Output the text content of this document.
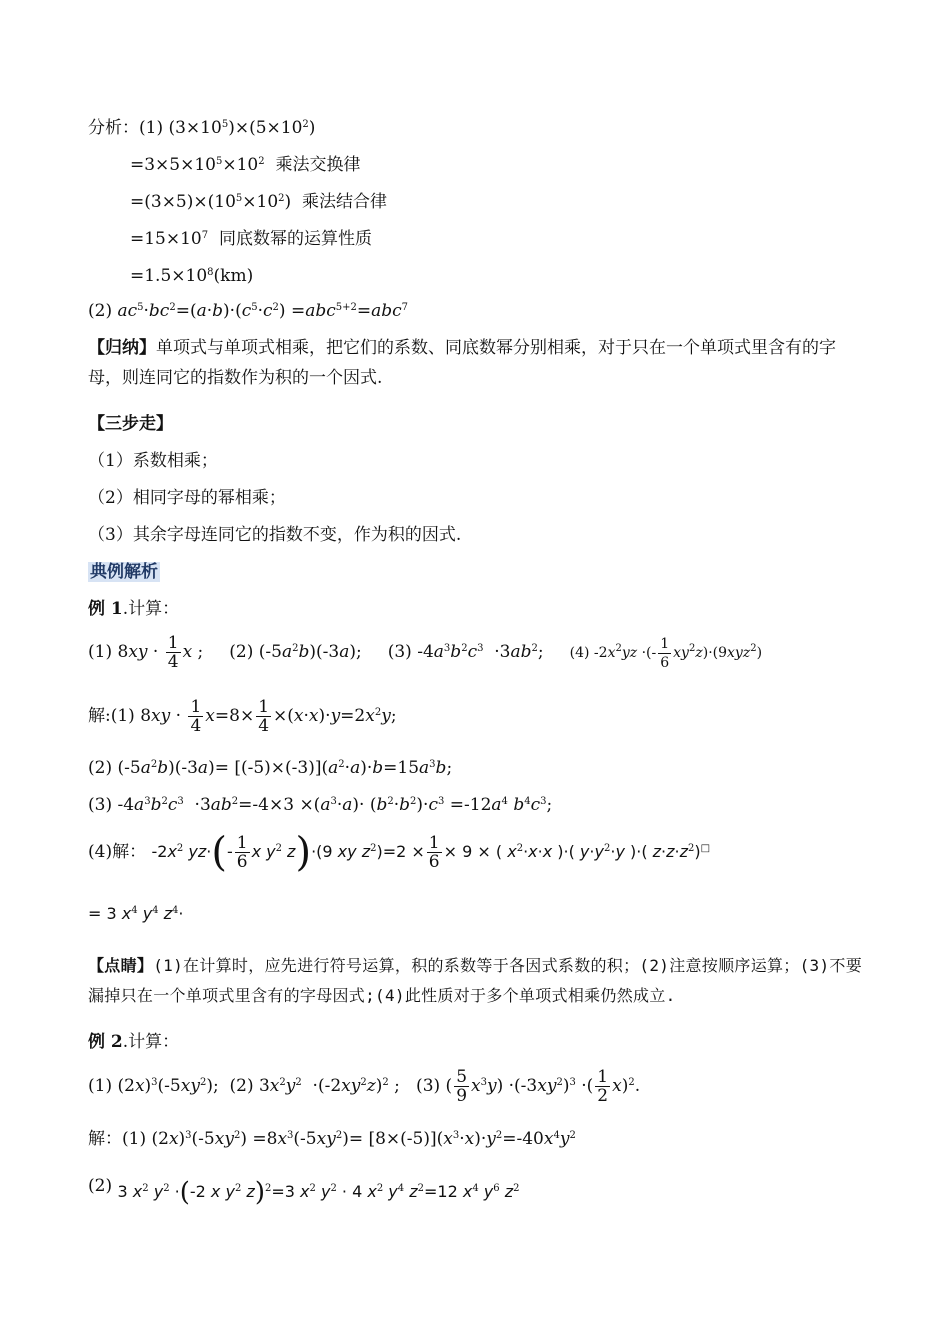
分析：(1) $(3\times 10^5)\times(5\times 10^2)$
$=3\times 5\times 10^5\times 10^2$ 乘法交换律
$=(3\times 5)\times(10^5\times 10^2)$  乘法结合律
$=15\times 10^7$ 同底数幂的运算性质
$=1.5\times 10^8(km)$
(2) $ac^5\cdot bc^2=(a\cdot b)\cdot(c^5\cdot c^2) =abc^{5+2}=abc^7$
【归纳】单项式与单项式相乘，把它们的系数、同底数幂分别相乘，对于只在一个单项式里含有的字母，则连同它的指数作为积的一个因式.
【三步走】
（1）系数相乘；
（2）相同字母的幂相乘；
（3）其余字母连同它的指数不变，作为积的因式.
典例解析
例 1.计算：
(1) $8xy \cdot \frac{1}{4}$ x ; (2) $(-5a^2b)(-3a)$; (3) $-4a^3b^2c^3 \cdot 3ab^2$; (4) $-2x^2yz$ ·(- $\frac{1}{6} xy^2z)\cdot(9xyz^2)$
解:(1) $8xy \cdot \frac{1}{4} x=8\times \frac{1}{4} \times(x\cdot x)\cdot y=2x^2y$;
(2) $(-5a^2b)(-3a)= [(-5)\times(-3)](a^2\cdot a)\cdot b=15a^3b$;
(3) $-4a^3b^2c^3 \cdot 3ab^2=-4\times 3 \times(a^3\cdot a)\cdot (b^2\cdot b^2)\cdot c^3 =-12a^4$ $b^4c^3$;
(4)解： $-2x^2$ $yz\cdot(- \frac{1}{6}$ x $y^2$ z)·(9 xy $z^2)=2 \times \frac{1}{6} \times 9$ × ( $x^2\cdot x\cdot x$ )·( $y\cdot y^2\cdot y$ )·( $z\cdot z\cdot z^2)^□$
= 3 $x^4$ $y^4$ $z^4\cdot$
【点睛】(1)在计算时，应先进行符号运算，积的系数等于各因式系数的积；(2)注意按顺序运算；(3)不要漏掉只在一个单项式里含有的字母因式;(4)此性质对于多个单项式相乘仍然成立.
例 2.计算：
(1) $(2x)^3(-5xy^2)$;  (2) $3x^2y^2 \cdot(-2xy^2z)^2$ ;   (3) ( $\frac{5}{9} x^3y) \cdot(-3xy^2)^3$ ·( $\frac{1}{2} x)^2$.
解：(1) $(2x)^3(-5xy^2) =8x^3(-5xy^2)= [8\times(-5)](x^3\cdot x)\cdot y^2=-40x^4y^2$
(2) 3 $x^2$ $y^2 \cdot(-2$ x $y^2$ z)$^2$=3 $x^2$ $y^2 \cdot 4$ $x^2$ $y^4$ $z^2=12$ $x^4$ $y^6$ $z^2$
